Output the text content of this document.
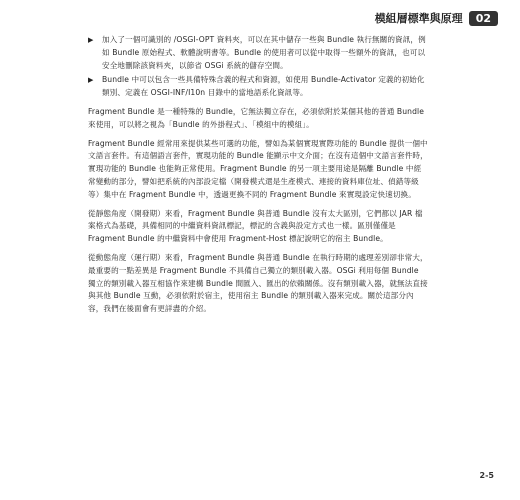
模組層標準與原理	02
▶ 加入了一個可識別的 /OSGI-OPT 資料夾，可以在其中儲存一些與 Bundle 執行無關的資訊，例如 Bundle 原始程式、軟體說明書等。Bundle 的使用者可以從中取得一些額外的資訊，也可以安全地刪除該資料夾，以節省 OSGi 系統的儲存空間。
▶ Bundle 中可以包含一些具備特殊含義的程式和資源，如使用 Bundle-Activator 定義的初始化類別、定義在 OSGI-INF/I10n 目錄中的當地語系化資訊等。

Fragment Bundle 是一種特殊的 Bundle，它無法獨立存在，必須依附於某個其他的普通 Bundle 來使用，可以將之視為「Bundle 的外掛程式」、「模組中的模組」。

Fragment Bundle 經常用來提供某些可選的功能，譬如為某個實現實際功能的 Bundle 提供一個中文語言套件。有這個語言套件，實現功能的 Bundle 能顯示中文介面；在沒有這個中文語言套件時，實現功能的 Bundle 也能夠正常使用。Fragment Bundle 的另一項主要用途是隔離 Bundle 中經常變動的部分，譬如把系統的內部設定檔（開發模式還是生產模式、連接的資料庫位址、偵錯等級等）集中在 Fragment Bundle 中，透過更換不同的 Fragment Bundle 來實現設定快速切換。

從靜態角度（開發期）來看，Fragment Bundle 與普通 Bundle 沒有太大區別，它們都以 JAR 檔案格式為基礎，具備相同的中繼資料資訊標記，標記的含義與設定方式也一樣。區別僅僅是 Fragment Bundle 的中繼資料中會使用 Fragment-Host 標記說明它的宿主 Bundle。

從動態角度（運行期）來看，Fragment Bundle 與普通 Bundle 在執行時期的處理差別卻非常大，最重要的一點差異是 Fragment Bundle 不具備自己獨立的類別載入器。OSGi 利用每個 Bundle 獨立的類別載入器互相協作來建構 Bundle 間匯入、匯出的依賴關係。沒有類別載入器，就無法直接與其他 Bundle 互動，必須依附於宿主，使用宿主 Bundle 的類別載入器來完成。關於這部分內容，我們在後面會有更詳盡的介紹。

2-5
